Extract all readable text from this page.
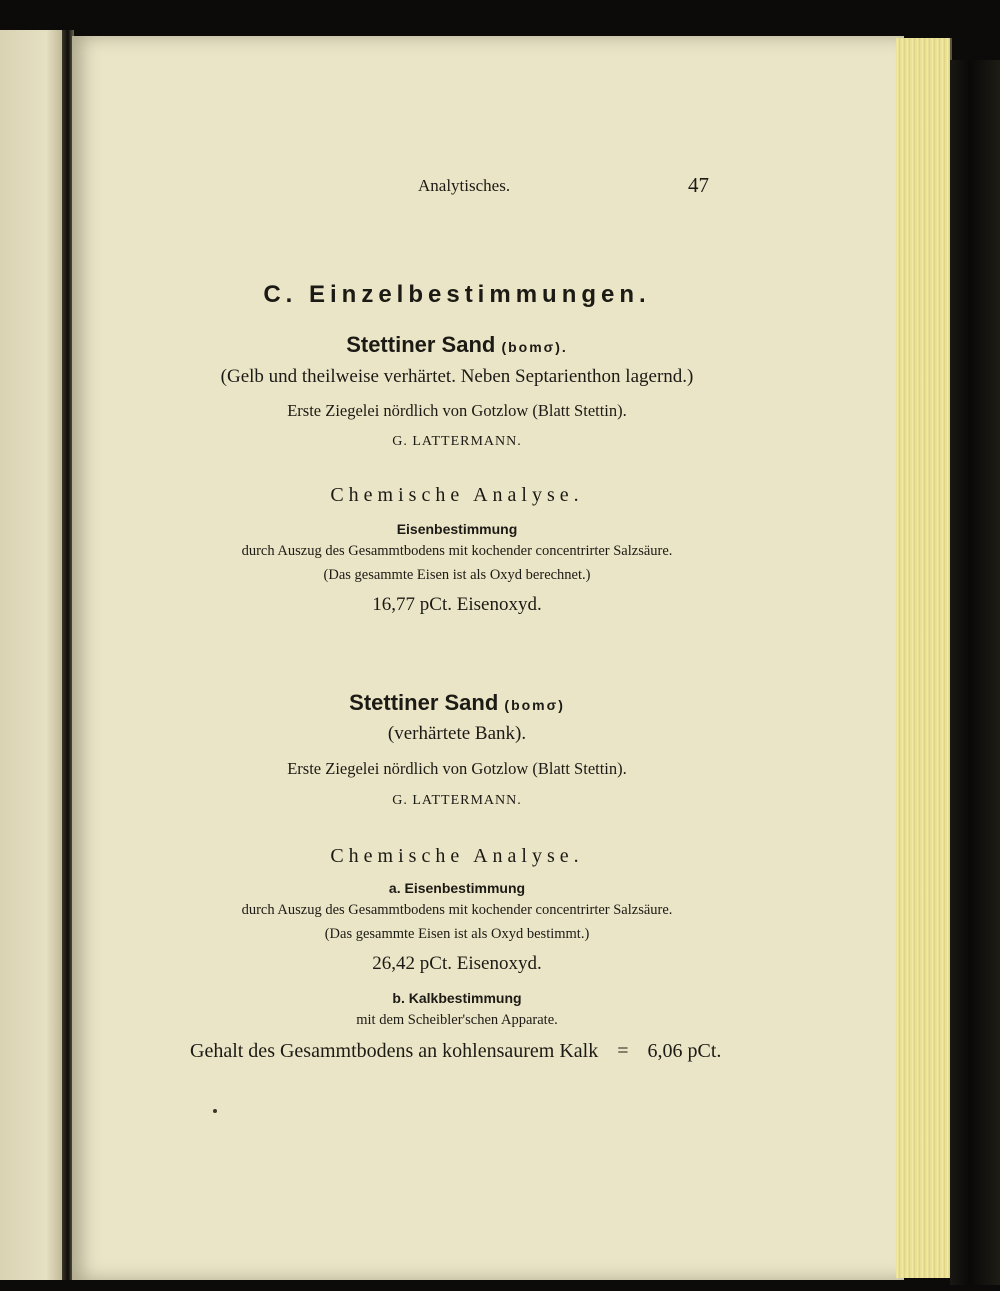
Analytisches.	47
C. Einzelbestimmungen.
Stettiner Sand (bomσ).
(Gelb und theilweise verhärtet. Neben Septarienthon lagernd.)
Erste Ziegelei nördlich von Gotzlow (Blatt Stettin).
G. LATTERMANN.
Chemische Analyse.
Eisenbestimmung
durch Auszug des Gesammtbodens mit kochender concentrirter Salzsäure.
(Das gesammte Eisen ist als Oxyd berechnet.)
16,77 pCt. Eisenoxyd.
Stettiner Sand (bomσ)
(verhärtete Bank).
Erste Ziegelei nördlich von Gotzlow (Blatt Stettin).
G. LATTERMANN.
Chemische Analyse.
a. Eisenbestimmung
durch Auszug des Gesammtbodens mit kochender concentrirter Salzsäure.
(Das gesammte Eisen ist als Oxyd bestimmt.)
26,42 pCt. Eisenoxyd.
b. Kalkbestimmung
mit dem Scheibler'schen Apparate.
Gehalt des Gesammtbodens an kohlensaurem Kalk = 6,06 pCt.
